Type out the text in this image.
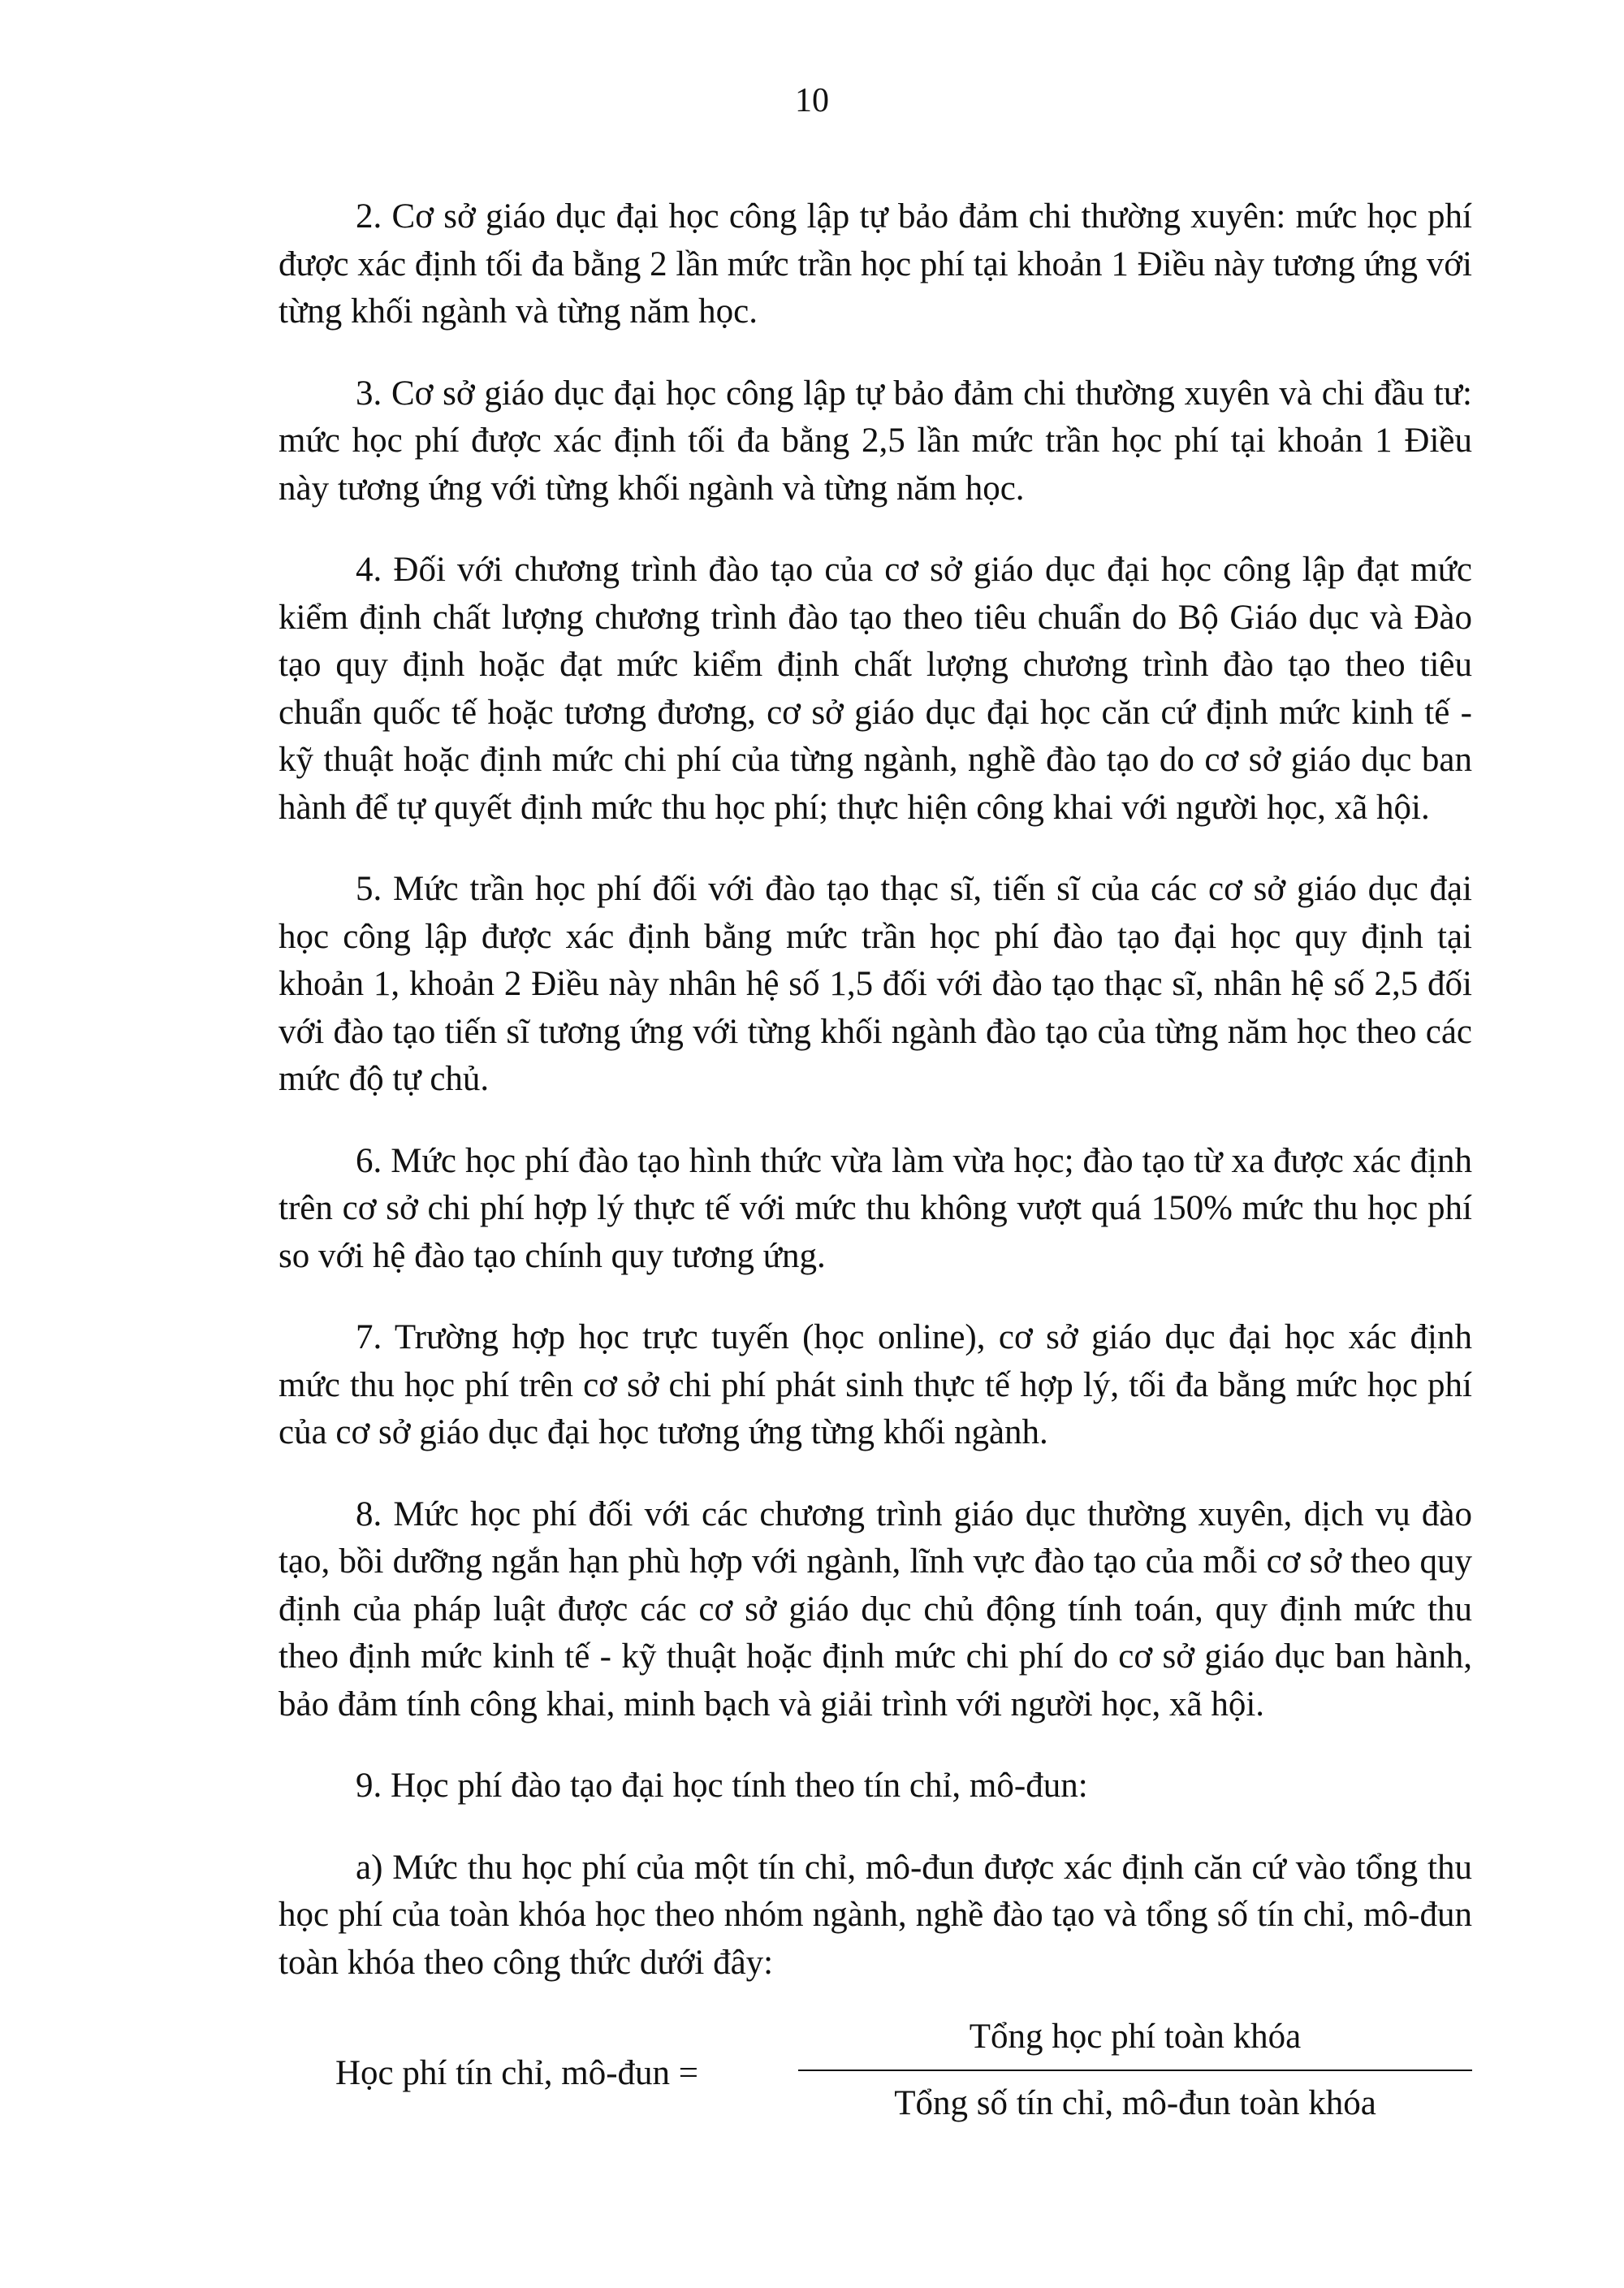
10

2. Cơ sở giáo dục đại học công lập tự bảo đảm chi thường xuyên: mức học phí được xác định tối đa bằng 2 lần mức trần học phí tại khoản 1 Điều này tương ứng với từng khối ngành và từng năm học.

3. Cơ sở giáo dục đại học công lập tự bảo đảm chi thường xuyên và chi đầu tư: mức học phí được xác định tối đa bằng 2,5 lần mức trần học phí tại khoản 1 Điều này tương ứng với từng khối ngành và từng năm học.

4. Đối với chương trình đào tạo của cơ sở giáo dục đại học công lập đạt mức kiểm định chất lượng chương trình đào tạo theo tiêu chuẩn do Bộ Giáo dục và Đào tạo quy định hoặc đạt mức kiểm định chất lượng chương trình đào tạo theo tiêu chuẩn quốc tế hoặc tương đương, cơ sở giáo dục đại học căn cứ định mức kinh tế - kỹ thuật hoặc định mức chi phí của từng ngành, nghề đào tạo do cơ sở giáo dục ban hành để tự quyết định mức thu học phí; thực hiện công khai với người học, xã hội.

5. Mức trần học phí đối với đào tạo thạc sĩ, tiến sĩ của các cơ sở giáo dục đại học công lập được xác định bằng mức trần học phí đào tạo đại học quy định tại khoản 1, khoản 2 Điều này nhân hệ số 1,5 đối với đào tạo thạc sĩ, nhân hệ số 2,5 đối với đào tạo tiến sĩ tương ứng với từng khối ngành đào tạo của từng năm học theo các mức độ tự chủ.

6. Mức học phí đào tạo hình thức vừa làm vừa học; đào tạo từ xa được xác định trên cơ sở chi phí hợp lý thực tế với mức thu không vượt quá 150% mức thu học phí so với hệ đào tạo chính quy tương ứng.

7. Trường hợp học trực tuyến (học online), cơ sở giáo dục đại học xác định mức thu học phí trên cơ sở chi phí phát sinh thực tế hợp lý, tối đa bằng mức học phí của cơ sở giáo dục đại học tương ứng từng khối ngành.

8. Mức học phí đối với các chương trình giáo dục thường xuyên, dịch vụ đào tạo, bồi dưỡng ngắn hạn phù hợp với ngành, lĩnh vực đào tạo của mỗi cơ sở theo quy định của pháp luật được các cơ sở giáo dục chủ động tính toán, quy định mức thu theo định mức kinh tế - kỹ thuật hoặc định mức chi phí do cơ sở giáo dục ban hành, bảo đảm tính công khai, minh bạch và giải trình với người học, xã hội.

9. Học phí đào tạo đại học tính theo tín chỉ, mô-đun:

a) Mức thu học phí của một tín chỉ, mô-đun được xác định căn cứ vào tổng thu học phí của toàn khóa học theo nhóm ngành, nghề đào tạo và tổng số tín chỉ, mô-đun toàn khóa theo công thức dưới đây:

Học phí tín chỉ, mô-đun =
Tổng học phí toàn khóa
Tổng số tín chỉ, mô-đun toàn khóa
